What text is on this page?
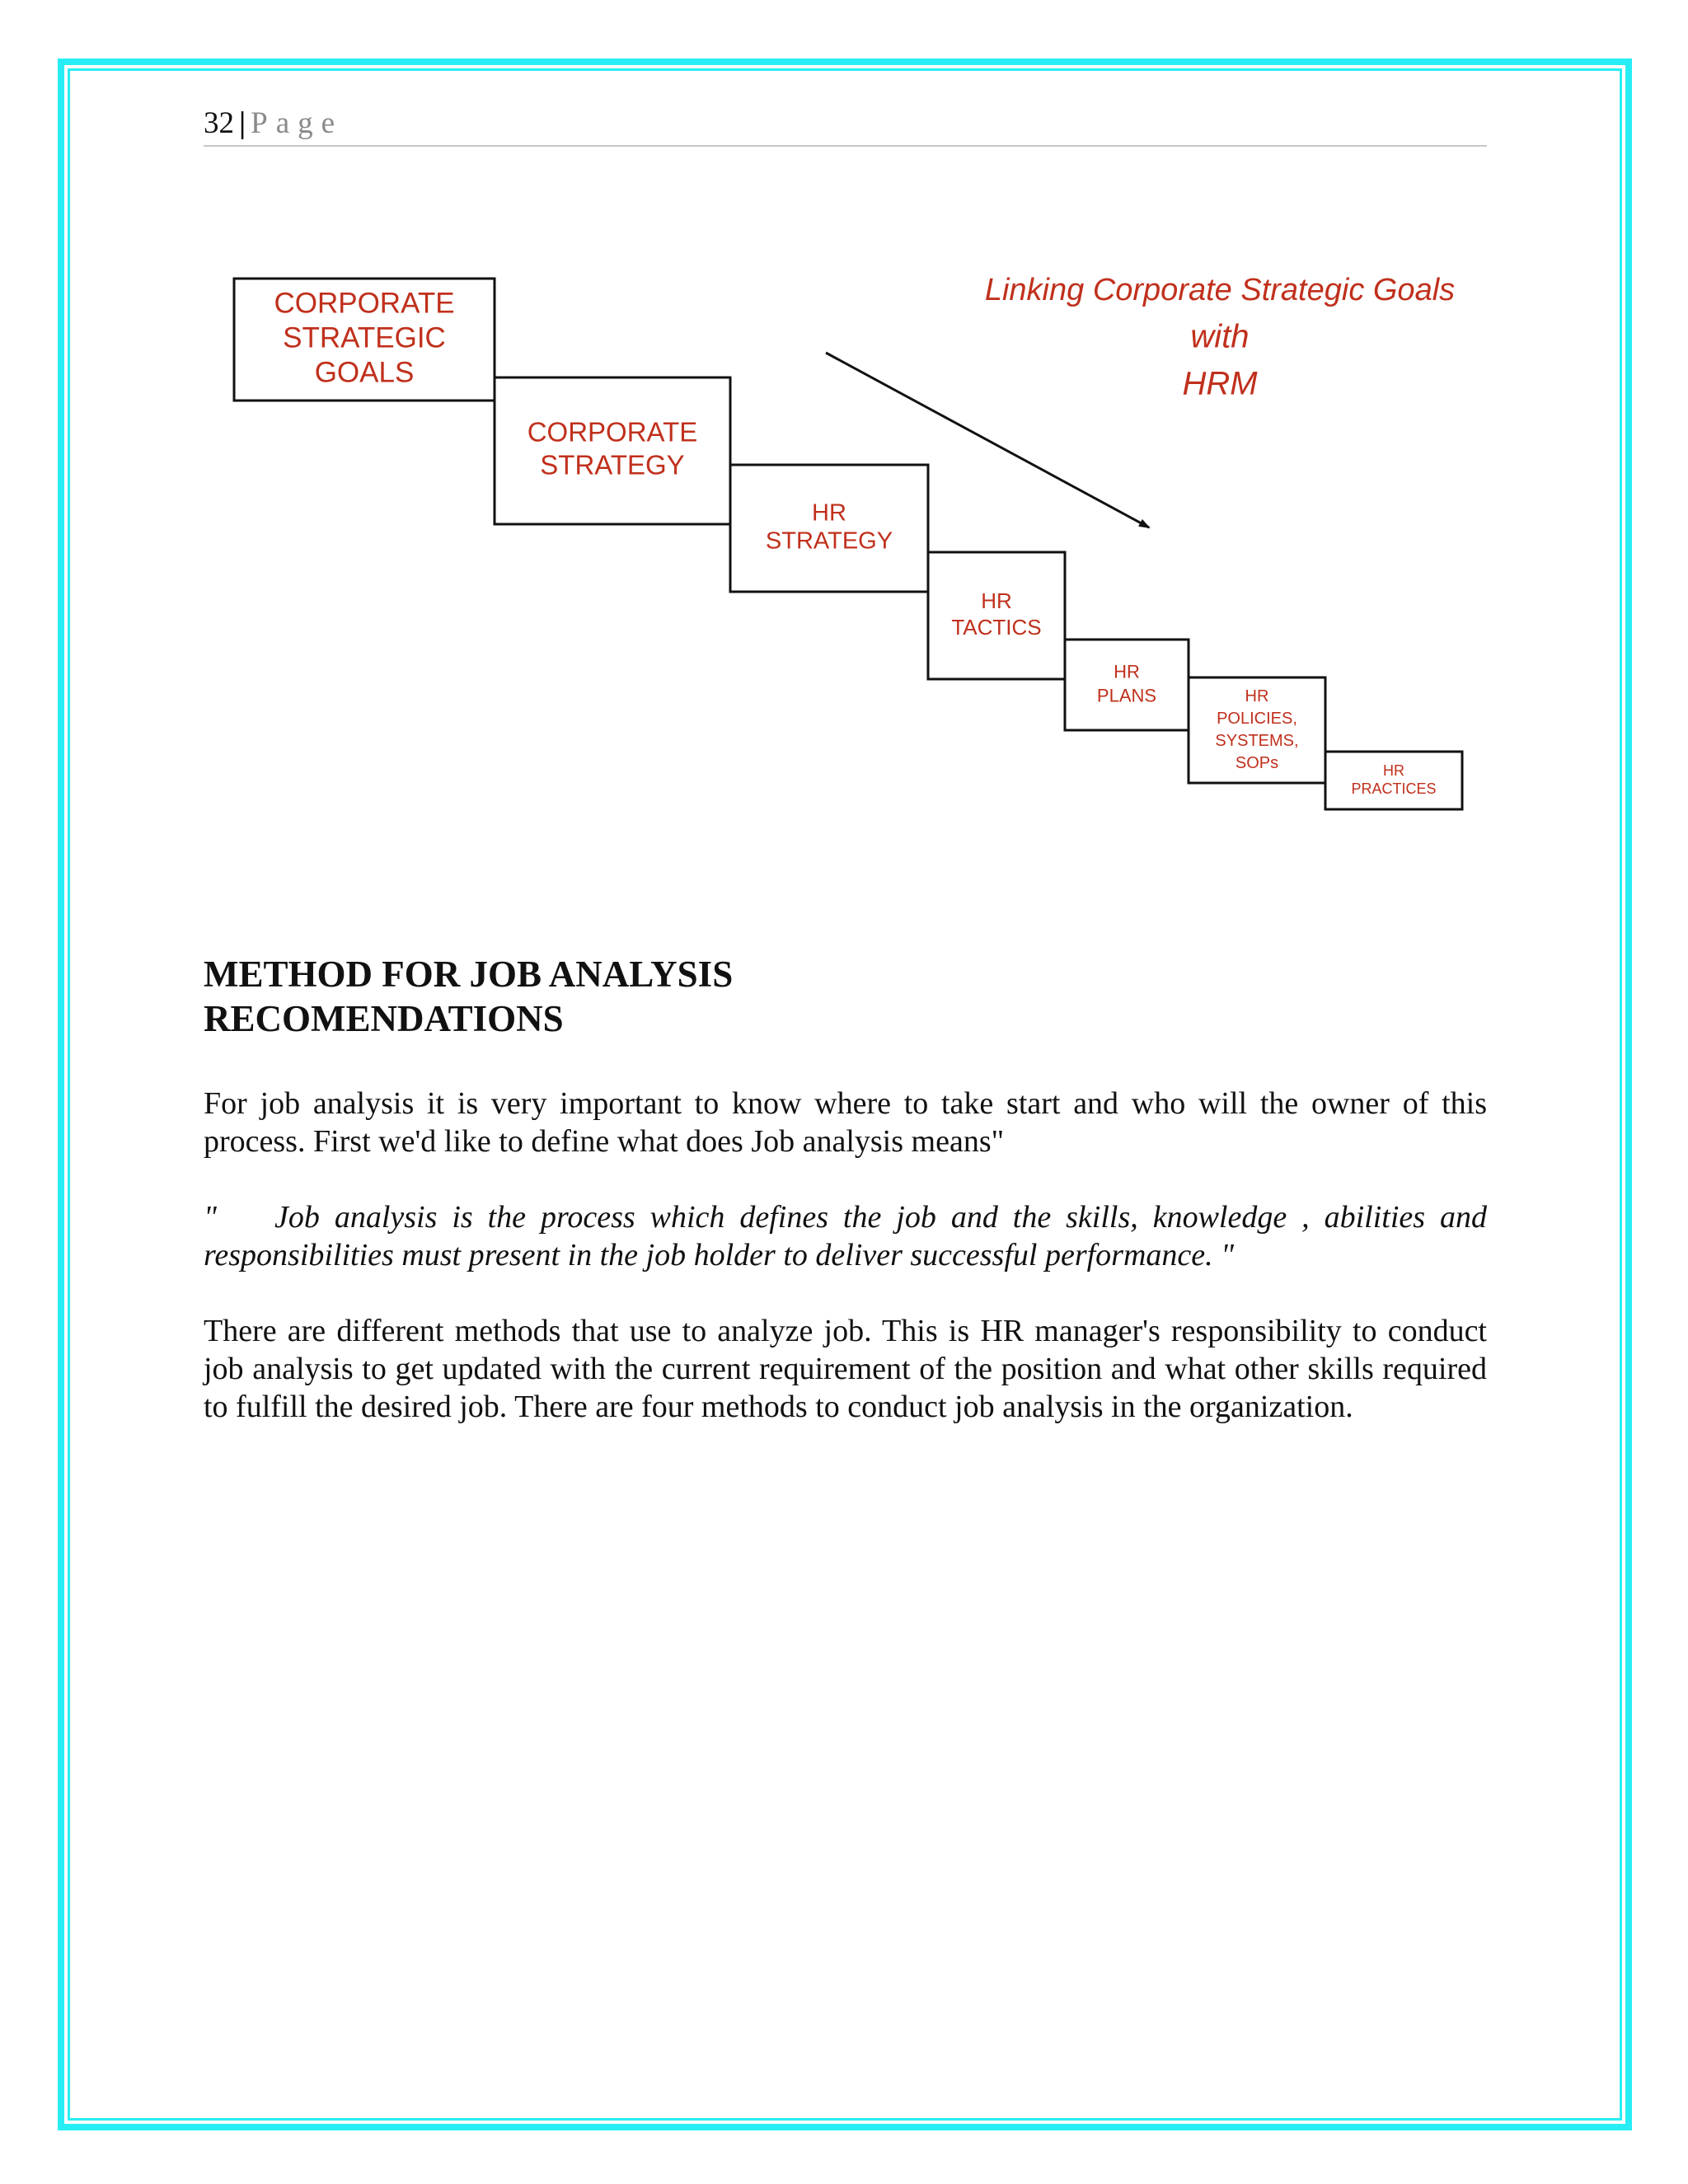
32 | Page
CORPORATE
STRATEGIC
GOALS
CORPORATE
STRATEGY
HR
STRATEGY
HR
TACTICS
HR
PLANS	HR
POLICIES,
SYSTEMS,
SOPs	HR
PRACTICES
Linking Corporate Strategic Goals
with
HRM
METHOD FOR JOB ANALYSIS
RECOMENDATIONS
For job analysis it is very important to know where to take start and who will the owner of this process. First we'd like to define what does Job analysis means"
" Job analysis is the process which defines the job and the skills, knowledge , abilities and responsibilities must present in the job holder to deliver successful performance. "
There are different methods that use to analyze job. This is HR manager's responsibility to conduct job analysis to get updated with the current requirement of the position and what other skills required to fulfill the desired job. There are four methods to conduct job analysis in the organization.
